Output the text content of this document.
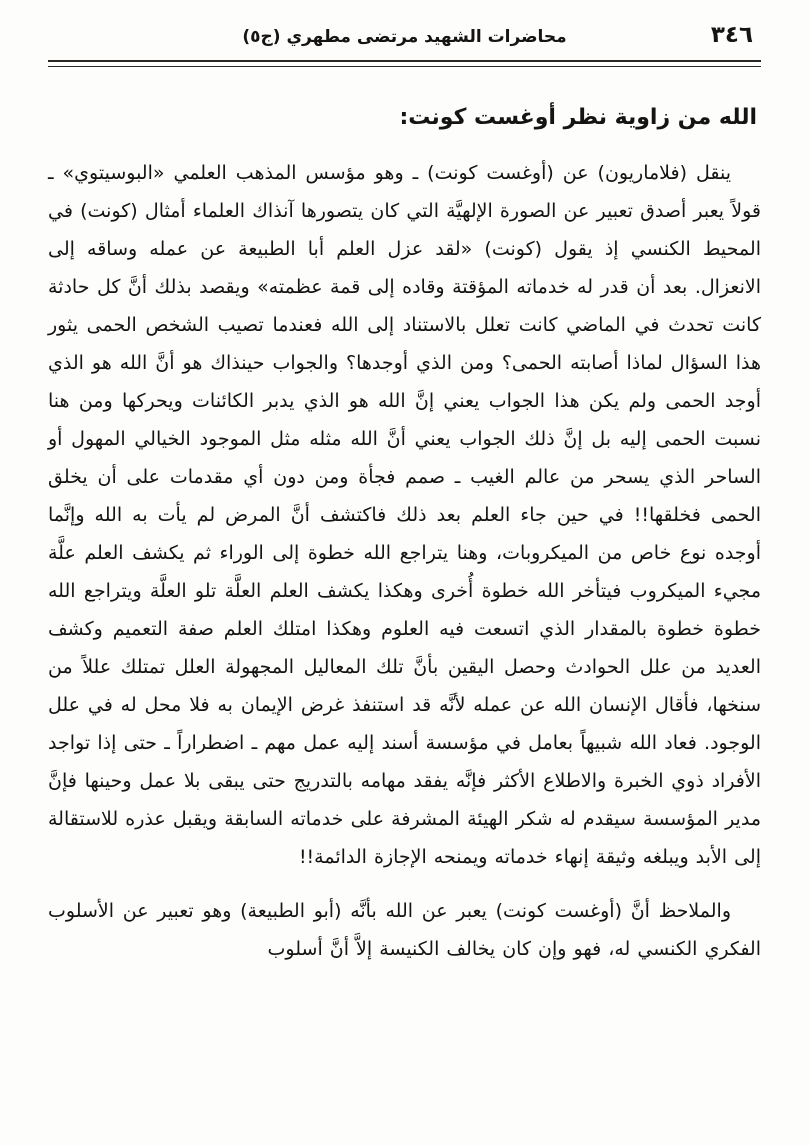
٣٤٦
محاضرات الشهيد مرتضى مطهري (ج٥)
الله من زاوية نظر أوغست كونت:

ينقل (فلاماريون) عن (أوغست كونت) ـ وهو مؤسس المذهب العلمي «البوسيتوي» ـ قولاً يعبر أصدق تعبير عن الصورة الإلهيَّة التي كان يتصورها آنذاك العلماء أمثال (كونت) في المحيط الكنسي إذ يقول (كونت) «لقد عزل العلم أبا الطبيعة عن عمله وساقه إلى الانعزال. بعد أن قدر له خدماته المؤقتة وقاده إلى قمة عظمته» ويقصد بذلك أنَّ كل حادثة كانت تحدث في الماضي كانت تعلل بالاستناد إلى الله فعندما تصيب الشخص الحمى يثور هذا السؤال لماذا أصابته الحمى؟ ومن الذي أوجدها؟ والجواب حينذاك هو أنَّ الله هو الذي أوجد الحمى ولم يكن هذا الجواب يعني إنَّ الله هو الذي يدبر الكائنات ويحركها ومن هنا نسبت الحمى إليه بل إنَّ ذلك الجواب يعني أنَّ الله مثله مثل الموجود الخيالي المهول أو الساحر الذي يسحر من عالم الغيب ـ صمم فجأة ومن دون أي مقدمات على أن يخلق الحمى فخلقها!! في حين جاء العلم بعد ذلك فاكتشف أنَّ المرض لم يأت به الله وإنَّما أوجده نوع خاص من الميكروبات، وهنا يتراجع الله خطوة إلى الوراء ثم يكشف العلم علَّة مجيء الميكروب فيتأخر الله خطوة أُخرى وهكذا يكشف العلم العلَّة تلو العلَّة ويتراجع الله خطوة خطوة بالمقدار الذي اتسعت فيه العلوم وهكذا امتلك العلم صفة التعميم وكشف العديد من علل الحوادث وحصل اليقين بأنَّ تلك المعاليل المجهولة العلل تمتلك عللاً من سنخها، فأقال الإنسان الله عن عمله لأنَّه قد استنفذ غرض الإيمان به فلا محل له في علل الوجود. فعاد الله شبيهاً بعامل في مؤسسة أسند إليه عمل مهم ـ اضطراراً ـ حتى إذا تواجد الأفراد ذوي الخبرة والاطلاع الأكثر فإنَّه يفقد مهامه بالتدريج حتى يبقى بلا عمل وحينها فإنَّ مدير المؤسسة سيقدم له شكر الهيئة المشرفة على خدماته السابقة ويقبل عذره للاستقالة إلى الأبد ويبلغه وثيقة إنهاء خدماته ويمنحه الإجازة الدائمة!!

والملاحظ أنَّ (أوغست كونت) يعبر عن الله بأنَّه (أبو الطبيعة) وهو تعبير عن الأسلوب الفكري الكنسي له، فهو وإن كان يخالف الكنيسة إلاَّ أنَّ أسلوب
